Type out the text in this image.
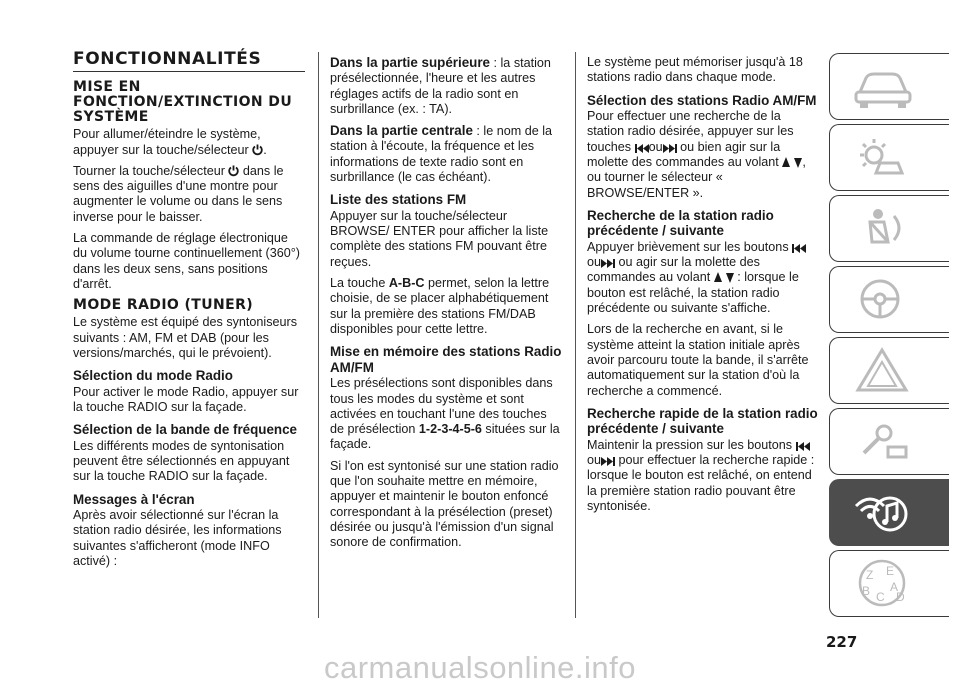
FONCTIONNALITÉS
MISE EN FONCTION/EXTINCTION DU SYSTÈME

Pour allumer/éteindre le système, appuyer sur la touche/sélecteur .

Tourner la touche/sélecteur dans le sens des aiguilles d'une montre pour augmenter le volume ou dans le sens inverse pour le baisser.

La commande de réglage électronique du volume tourne continuellement (360°) dans les deux sens, sans positions d'arrêt.

MODE RADIO (TUNER)

Le système est équipé des syntoniseurs suivants : AM, FM et DAB (pour les versions/marchés, qui le prévoient).

Sélection du mode Radio

Pour activer le mode Radio, appuyer sur la touche RADIO sur la façade.

Sélection de la bande de fréquence

Les différents modes de syntonisation peuvent être sélectionnés en appuyant sur la touche RADIO sur la façade.

Messages à l'écran

Après avoir sélectionné sur l'écran la station radio désirée, les informations suivantes s'afficheront (mode INFO activé) :

Dans la partie supérieure : la station présélectionnée, l'heure et les autres réglages actifs de la radio sont en surbrillance (ex. : TA).

Dans la partie centrale : le nom de la station à l'écoute, la fréquence et les informations de texte radio sont en surbrillance (le cas échéant).

Liste des stations FM

Appuyer sur la touche/sélecteur BROWSE/ ENTER pour afficher la liste complète des stations FM pouvant être reçues.

La touche A-B-C permet, selon la lettre choisie, de se placer alphabétiquement sur la première des stations FM/DAB disponibles pour cette lettre.

Mise en mémoire des stations Radio AM/FM

Les présélections sont disponibles dans tous les modes du système et sont activées en touchant l'une des touches de présélection 1-2-3-4-5-6 situées sur la façade.

Si l'on est syntonisé sur une station radio que l'on souhaite mettre en mémoire, appuyer et maintenir le bouton enfoncé correspondant à la présélection (preset) désirée ou jusqu'à l'émission d'un signal sonore de confirmation.

Le système peut mémoriser jusqu'à 18 stations radio dans chaque mode.

Sélection des stations Radio AM/FM

Pour effectuer une recherche de la station radio désirée, appuyer sur les touches ou ou bien agir sur la molette des commandes au volant , ou tourner le sélecteur « BROWSE/ENTER ».

Recherche de la station radio précédente / suivante

Appuyer brièvement sur les boutons ou ou agir sur la molette des commandes au volant  : lorsque le bouton est relâché, la station radio précédente ou suivante s'affiche.

Lors de la recherche en avant, si le système atteint la station initiale après avoir parcouru toute la bande, il s'arrête automatiquement sur la station d'où la recherche a commencé.

Recherche rapide de la station radio précédente / suivante

Maintenir la pression sur les boutons ou pour effectuer la recherche rapide : lorsque le bouton est relâché, on entend la première station radio pouvant être syntonisée.

Z E
B A
C D
227
carmanualsonline.info
